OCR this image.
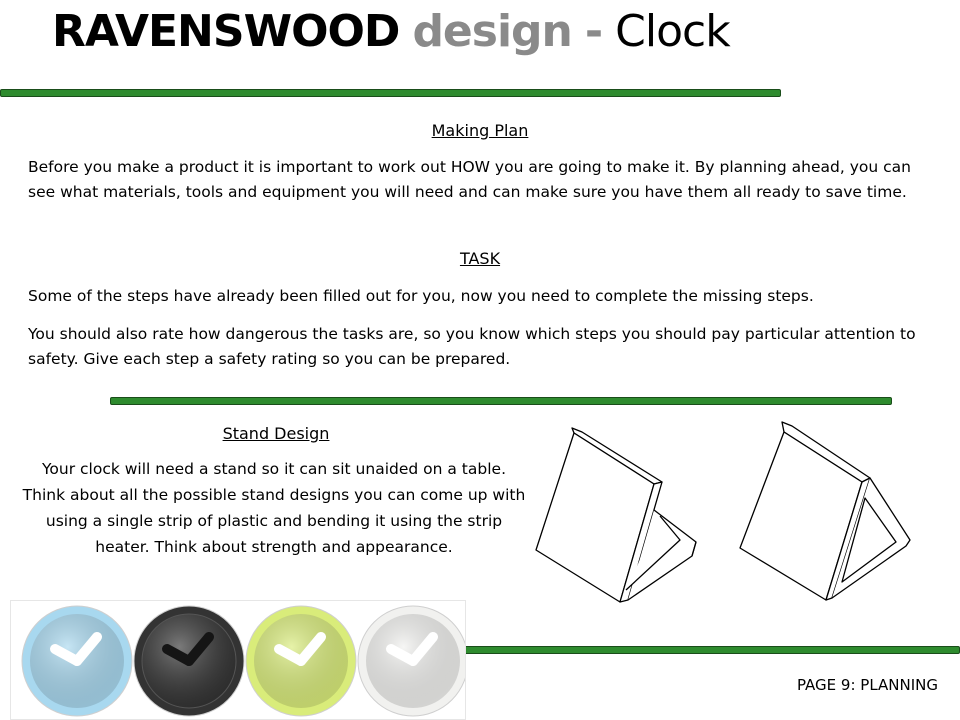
RAVENSWOOD design - Clock
Making Plan
Before you make a product it is important to work out HOW you are going to make it. By planning ahead, you can see what materials, tools and equipment you will need and can make sure you have them all ready to save time.
TASK
Some of the steps have already been filled out for you, now you need to complete the missing steps.
You should also rate how dangerous the tasks are, so you know which steps you should pay particular attention to safety. Give each step a safety rating so you can be prepared.
Stand Design
Your clock will need a stand so it can sit unaided on a table. Think about all the possible stand designs you can come up with using a single strip of plastic and bending it using the strip heater. Think about strength and appearance.
PAGE 9: PLANNING
